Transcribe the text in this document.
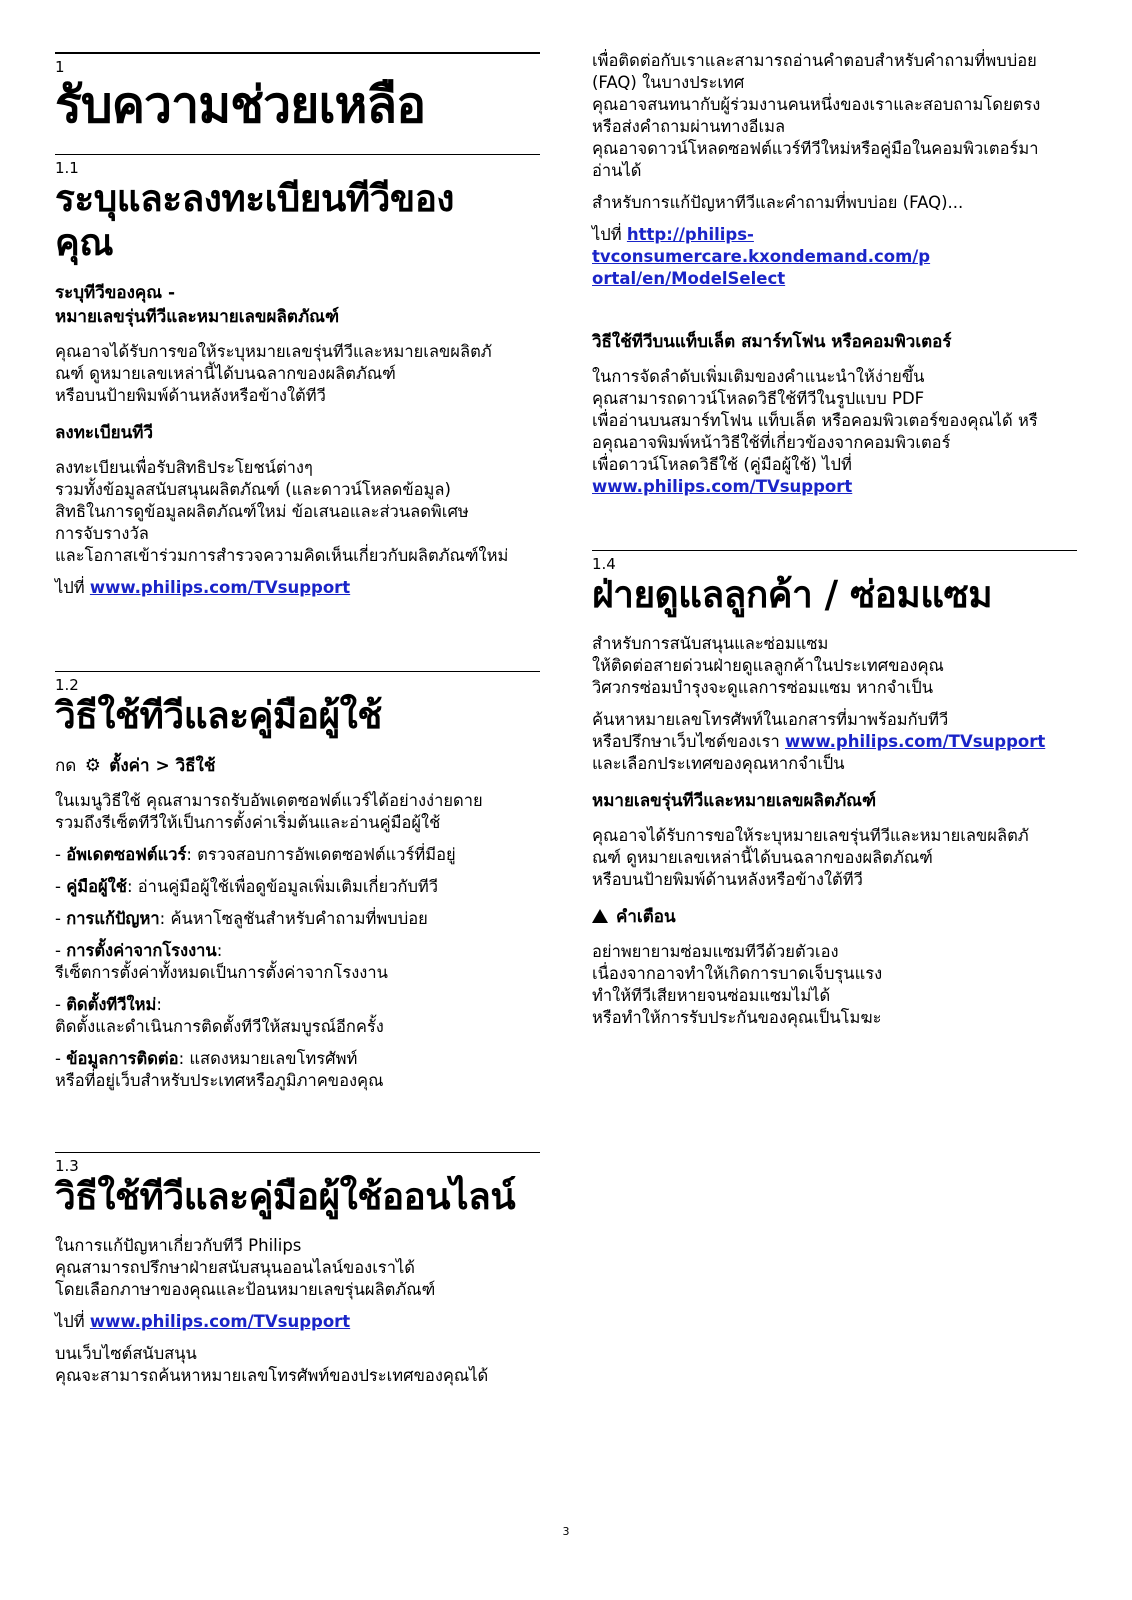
1
รับความช่วยเหลือ
1.1
ระบุและลงทะเบียนทีวีของคุณ
ระบุทีวีของคุณ -
หมายเลขรุ่นทีวีและหมายเลขผลิตภัณฑ์

คุณอาจได้รับการขอให้ระบุหมายเลขรุ่นทีวีและหมายเลขผลิตภั
ณฑ์ ดูหมายเลขเหล่านี้ได้บนฉลากของผลิตภัณฑ์
หรือบนป้ายพิมพ์ด้านหลังหรือข้างใต้ทีวี

ลงทะเบียนทีวี

ลงทะเบียนเพื่อรับสิทธิประโยชน์ต่างๆ
รวมทั้งข้อมูลสนับสนุนผลิตภัณฑ์ (และดาวน์โหลดข้อมูล)
สิทธิในการดูข้อมูลผลิตภัณฑ์ใหม่ ข้อเสนอและส่วนลดพิเศษ
การจับรางวัล
และโอกาสเข้าร่วมการสำรวจความคิดเห็นเกี่ยวกับผลิตภัณฑ์ใหม่

ไปที่ www.philips.com/TVsupport

1.2
วิธีใช้ทีวีและคู่มือผู้ใช้
กด ⚙ ตั้งค่า > วิธีใช้

ในเมนูวิธีใช้ คุณสามารถรับอัพเดตซอฟต์แวร์ได้อย่างง่ายดาย
รวมถึงรีเซ็ตทีวีให้เป็นการตั้งค่าเริ่มต้นและอ่านคู่มือผู้ใช้

- อัพเดตซอฟต์แวร์: ตรวจสอบการอัพเดตซอฟต์แวร์ที่มีอยู่

- คู่มือผู้ใช้: อ่านคู่มือผู้ใช้เพื่อดูข้อมูลเพิ่มเติมเกี่ยวกับทีวี

- การแก้ปัญหา: ค้นหาโซลูชันสำหรับคำถามที่พบบ่อย

- การตั้งค่าจากโรงงาน:
รีเซ็ตการตั้งค่าทั้งหมดเป็นการตั้งค่าจากโรงงาน

- ติดตั้งทีวีใหม่:
ติดตั้งและดำเนินการติดตั้งทีวีให้สมบูรณ์อีกครั้ง

- ข้อมูลการติดต่อ: แสดงหมายเลขโทรศัพท์
หรือที่อยู่เว็บสำหรับประเทศหรือภูมิภาคของคุณ

1.3
วิธีใช้ทีวีและคู่มือผู้ใช้ออนไลน์

ในการแก้ปัญหาเกี่ยวกับทีวี Philips
คุณสามารถปรึกษาฝ่ายสนับสนุนออนไลน์ของเราได้
โดยเลือกภาษาของคุณและป้อนหมายเลขรุ่นผลิตภัณฑ์

ไปที่ www.philips.com/TVsupport

บนเว็บไซต์สนับสนุน
คุณจะสามารถค้นหาหมายเลขโทรศัพท์ของประเทศของคุณได้

เพื่อติดต่อกับเราและสามารถอ่านคำตอบสำหรับคำถามที่พบบ่อย
(FAQ) ในบางประเทศ
คุณอาจสนทนากับผู้ร่วมงานคนหนึ่งของเราและสอบถามโดยตรง
หรือส่งคำถามผ่านทางอีเมล
คุณอาจดาวน์โหลดซอฟต์แวร์ทีวีใหม่หรือคู่มือในคอมพิวเตอร์มา
อ่านได้

สำหรับการแก้ปัญหาทีวีและคำถามที่พบบ่อย (FAQ)...

ไปที่ http://philips-tvconsumercare.kxondemand.com/p
ortal/en/ModelSelect

วิธีใช้ทีวีบนแท็บเล็ต สมาร์ทโฟน หรือคอมพิวเตอร์

ในการจัดลำดับเพิ่มเติมของคำแนะนำให้ง่ายขึ้น
คุณสามารถดาวน์โหลดวิธีใช้ทีวีในรูปแบบ PDF
เพื่ออ่านบนสมาร์ทโฟน แท็บเล็ต หรือคอมพิวเตอร์ของคุณได้ หรื
อคุณอาจพิมพ์หน้าวิธีใช้ที่เกี่ยวข้องจากคอมพิวเตอร์
เพื่อดาวน์โหลดวิธีใช้ (คู่มือผู้ใช้) ไปที่
www.philips.com/TVsupport

1.4
ฝ่ายดูแลลูกค้า / ซ่อมแซม

สำหรับการสนับสนุนและซ่อมแซม
ให้ติดต่อสายด่วนฝ่ายดูแลลูกค้าในประเทศของคุณ
วิศวกรซ่อมบำรุงจะดูแลการซ่อมแซม หากจำเป็น

ค้นหาหมายเลขโทรศัพท์ในเอกสารที่มาพร้อมกับทีวี
หรือปรึกษาเว็บไซต์ของเรา www.philips.com/TVsupport
และเลือกประเทศของคุณหากจำเป็น

หมายเลขรุ่นทีวีและหมายเลขผลิตภัณฑ์

คุณอาจได้รับการขอให้ระบุหมายเลขรุ่นทีวีและหมายเลขผลิตภั
ณฑ์ ดูหมายเลขเหล่านี้ได้บนฉลากของผลิตภัณฑ์
หรือบนป้ายพิมพ์ด้านหลังหรือข้างใต้ทีวี

คำเตือน

อย่าพยายามซ่อมแซมทีวีด้วยตัวเอง
เนื่องจากอาจทำให้เกิดการบาดเจ็บรุนแรง
ทำให้ทีวีเสียหายจนซ่อมแซมไม่ได้
หรือทำให้การรับประกันของคุณเป็นโมฆะ

3
